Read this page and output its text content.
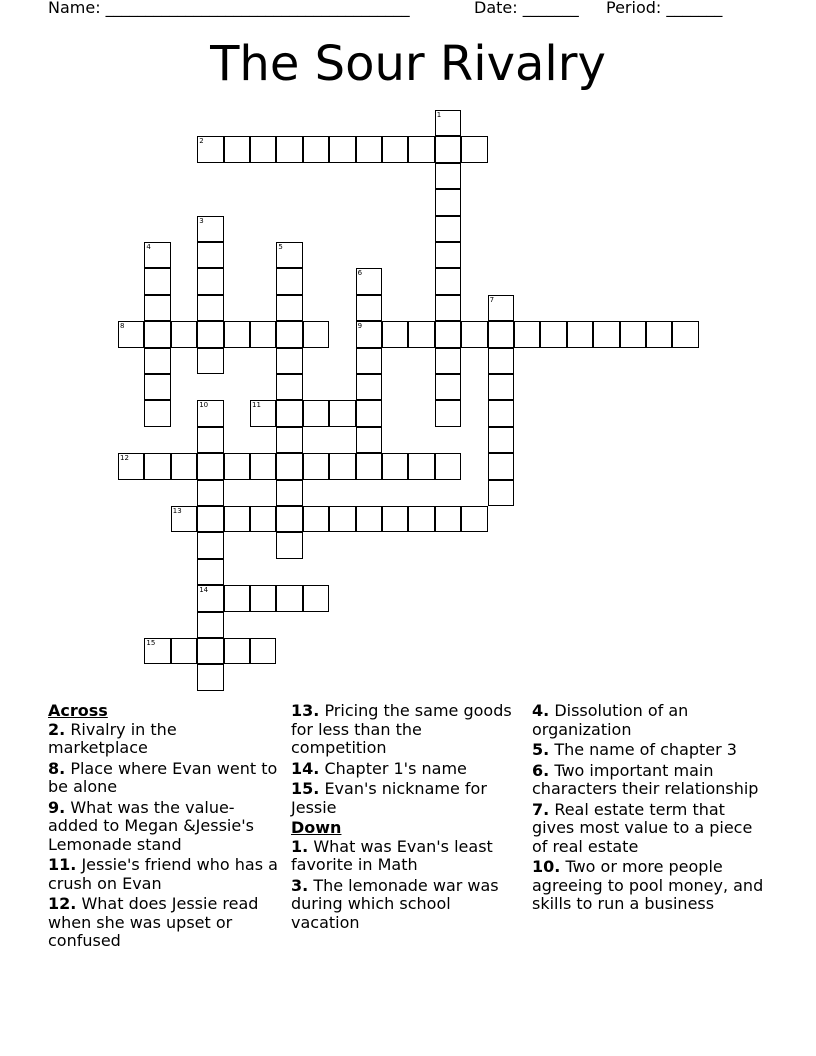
Name: ______________________________________

	Date: _______

Period: _______

The Sour Rivalry
2
8	9
11
12
13
14
15
1
3
4	5
6
7
10
Across
2. Rivalry in the marketplace
8. Place where Evan went to be alone
9. What was the value-added to Megan &Jessie's Lemonade stand
11. Jessie's friend who has a crush on Evan
12. What does Jessie read when she was upset or confused
13. Pricing the same goods for less than the competition
14. Chapter 1's name
15. Evan's nickname for Jessie
Down
1. What was Evan's least favorite in Math
3. The lemonade war was during which school vacation
4. Dissolution of an organization
5. The name of chapter 3
6. Two important main characters their relationship
7. Real estate term that gives most value to a piece of real estate
10. Two or more people agreeing to pool money, and skills to run a business
